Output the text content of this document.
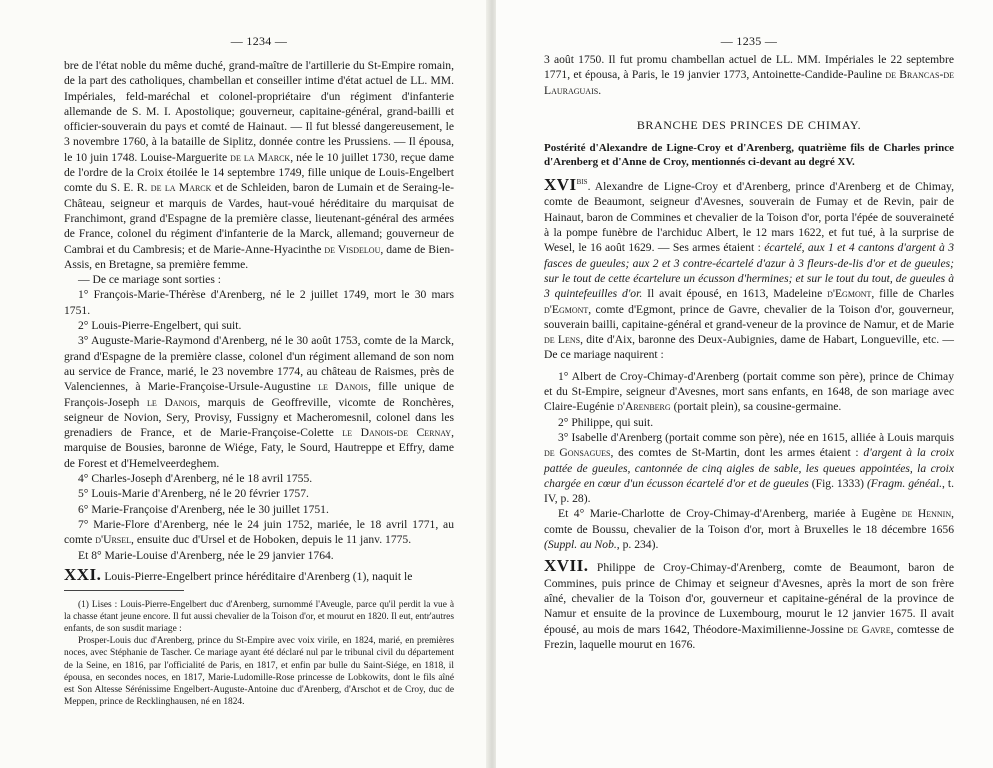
— 1234 —

bre de l'état noble du même duché, grand-maître de l'artillerie du St-Empire romain, de la part des catholiques, chambellan et conseiller intime d'état actuel de LL. MM. Impériales, feld-maréchal et colonel-propriétaire d'un régiment d'infanterie allemande de S. M. I. Apostolique; gouverneur, capitaine-général, grand-bailli et officier-souverain du pays et comté de Hainaut. — Il fut blessé dangereusement, le 3 novembre 1760, à la bataille de Siplitz, donnée contre les Prussiens. — Il épousa, le 10 juin 1748. Louise-Marguerite de la Marck, née le 10 juillet 1730, reçue dame de l'ordre de la Croix étoilée le 14 septembre 1749, fille unique de Louis-Engelbert comte du S. E. R. de la Marck et de Schleiden, baron de Lumain et de Seraing-le-Château, seigneur et marquis de Vardes, haut-voué héréditaire du marquisat de Franchimont, grand d'Espagne de la première classe, lieutenant-général des armées de France, colonel du régiment d'infanterie de la Marck, allemand; gouverneur de Cambrai et du Cambresis; et de Marie-Anne-Hyacinthe de Visdelou, dame de Bien-Assis, en Bretagne, sa première femme.

— De ce mariage sont sorties :

1° François-Marie-Thérèse d'Arenberg, né le 2 juillet 1749, mort le 30 mars 1751.

2° Louis-Pierre-Engelbert, qui suit.

3° Auguste-Marie-Raymond d'Arenberg, né le 30 août 1753, comte de la Marck, grand d'Espagne de la première classe, colonel d'un régiment allemand de son nom au service de France, marié, le 23 novembre 1774, au château de Raismes, près de Valenciennes, à Marie-Françoise-Ursule-Augustine le Danois, fille unique de François-Joseph le Danois, marquis de Geoffreville, vicomte de Ronchères, seigneur de Novion, Sery, Provisy, Fussigny et Macheromesnil, colonel dans les grenadiers de France, et de Marie-Françoise-Colette le Danois-de Cernay, marquise de Bousies, baronne de Wiége, Faty, le Sourd, Hautreppe et Effry, dame de Forest et d'Hemelveerdeghem.

4° Charles-Joseph d'Arenberg, né le 18 avril 1755.

5° Louis-Marie d'Arenberg, né le 20 février 1757.

6° Marie-Françoise d'Arenberg, née le 30 juillet 1751.

7° Marie-Flore d'Arenberg, née le 24 juin 1752, mariée, le 18 avril 1771, au comte d'Ursel, ensuite duc d'Ursel et de Hoboken, depuis le 11 janv. 1775.

Et 8° Marie-Louise d'Arenberg, née le 29 janvier 1764.

XXI. Louis-Pierre-Engelbert prince héréditaire d'Arenberg (1), naquit le

(1) Lises : Louis-Pierre-Engelbert duc d'Arenberg, surnommé l'Aveugle, parce qu'il perdit la vue à la chasse étant jeune encore. Il fut aussi chevalier de la Toison d'or, et mourut en 1820. Il eut, entr'autres enfants, de son susdit mariage :

Prosper-Louis duc d'Arenberg, prince du St-Empire avec voix virile, en 1824, marié, en premières noces, avec Stéphanie de Tascher. Ce mariage ayant été déclaré nul par le tribunal civil du département de la Seine, en 1816, par l'officialité de Paris, en 1817, et enfin par bulle du Saint-Siége, en 1818, il épousa, en secondes noces, en 1817, Marie-Ludomille-Rose princesse de Lobkowits, dont le fils aîné est Son Altesse Sérénissime Engelbert-Auguste-Antoine duc d'Arenberg, d'Arschot et de Croy, duc de Meppen, prince de Recklinghausen, né en 1824.

— 1235 —

3 août 1750. Il fut promu chambellan actuel de LL. MM. Impériales le 22 septembre 1771, et épousa, à Paris, le 19 janvier 1773, Antoinette-Candide-Pauline de Brancas-de Lauraguais.

BRANCHE DES PRINCES DE CHIMAY.
Postérité d'Alexandre de Ligne-Croy et d'Arenberg, quatrième fils de Charles prince d'Arenberg et d'Anne de Croy, mentionnés ci-devant au degré XV.

$XVI^{BIS}$. Alexandre de Ligne-Croy et d'Arenberg, prince d'Arenberg et de Chimay, comte de Beaumont, seigneur d'Avesnes, souverain de Fumay et de Revin, pair de Hainaut, baron de Commines et chevalier de la Toison d'or, porta l'épée de souveraineté à la pompe funèbre de l'archiduc Albert, le 12 mars 1622, et fut tué, à la surprise de Wesel, le 16 août 1629. — Ses armes étaient : écartelé, aux 1 et 4 cantons d'argent à 3 fasces de gueules; aux 2 et 3 contre-écartelé d'azur à 3 fleurs-de-lis d'or et de gueules; sur le tout de cette écartelure un écusson d'hermines; et sur le tout du tout, de gueules à 3 quintefeuilles d'or. Il avait épousé, en 1613, Madeleine d'Egmont, fille de Charles d'Egmont, comte d'Egmont, prince de Gavre, chevalier de la Toison d'or, gouverneur, souverain bailli, capitaine-général et grand-veneur de la province de Namur, et de Marie de Lens, dite d'Aix, baronne des Deux-Aubignies, dame de Habart, Longueville, etc. — De ce mariage naquirent :

1° Albert de Croy-Chimay-d'Arenberg (portait comme son père), prince de Chimay et du St-Empire, seigneur d'Avesnes, mort sans enfants, en 1648, de son mariage avec Claire-Eugénie d'Arenberg (portait plein), sa cousine-germaine.

2° Philippe, qui suit.

3° Isabelle d'Arenberg (portait comme son père), née en 1615, alliée à Louis marquis de Gonsagues, des comtes de St-Martin, dont les armes étaient : d'argent à la croix pattée de gueules, cantonnée de cinq aigles de sable, les queues appointées, la croix chargée en cœur d'un écusson écartelé d'or et de gueules (Fig. 1333) (Fragm. généal., t. IV, p. 28).

Et 4° Marie-Charlotte de Croy-Chimay-d'Arenberg, mariée à Eugène de Hennin, comte de Boussu, chevalier de la Toison d'or, mort à Bruxelles le 18 décembre 1656 (Suppl. au Nob., p. 234).

XVII. Philippe de Croy-Chimay-d'Arenberg, comte de Beaumont, baron de Commines, puis prince de Chimay et seigneur d'Avesnes, après la mort de son frère aîné, chevalier de la Toison d'or, gouverneur et capitaine-général de la province de Namur et ensuite de la province de Luxembourg, mourut le 12 janvier 1675. Il avait épousé, au mois de mars 1642, Théodore-Maximilienne-Jossine de Gavre, comtesse de Frezin, laquelle mourut en 1676.
